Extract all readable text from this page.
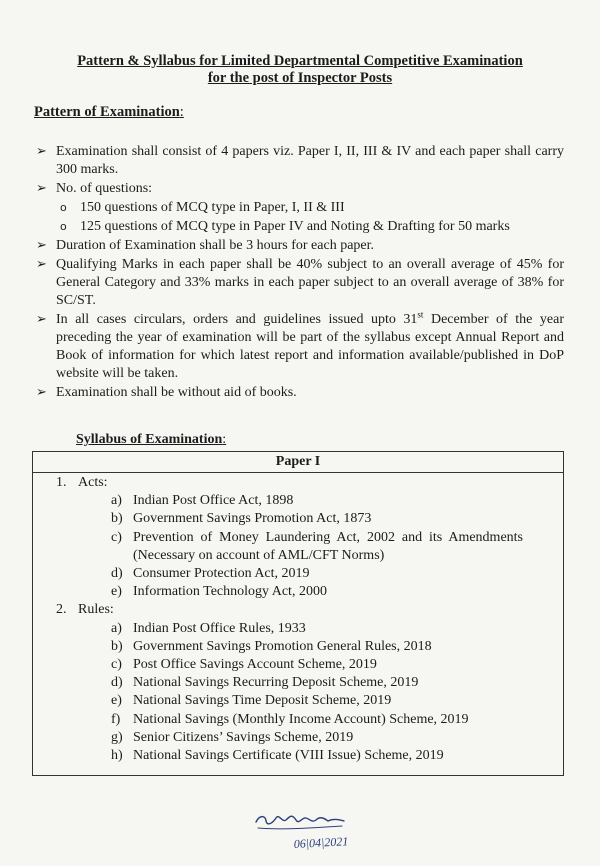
Pattern & Syllabus for Limited Departmental Competitive Examination
for the post of Inspector Posts
Pattern of Examination:
➢ Examination shall consist of 4 papers viz. Paper I, II, III & IV and each paper shall carry 300 marks.
➢ No. of questions:
o 150 questions of MCQ type in Paper, I, II & III
o 125 questions of MCQ type in Paper IV and Noting & Drafting for 50 marks
➢ Duration of Examination shall be 3 hours for each paper.
➢ Qualifying Marks in each paper shall be 40% subject to an overall average of 45% for General Category and 33% marks in each paper subject to an overall average of 38% for SC/ST.
➢ In all cases circulars, orders and guidelines issued upto 31st December of the year preceding the year of examination will be part of the syllabus except Annual Report and Book of information for which latest report and information available/published in DoP website will be taken.
➢ Examination shall be without aid of books.
Syllabus of Examination:
Paper I
1. Acts:
a) Indian Post Office Act, 1898
b) Government Savings Promotion Act, 1873
c) Prevention of Money Laundering Act, 2002 and its Amendments (Necessary on account of AML/CFT Norms)
d) Consumer Protection Act, 2019
e) Information Technology Act, 2000
2. Rules:
a) Indian Post Office Rules, 1933
b) Government Savings Promotion General Rules, 2018
c) Post Office Savings Account Scheme, 2019
d) National Savings Recurring Deposit Scheme, 2019
e) National Savings Time Deposit Scheme, 2019
f) National Savings (Monthly Income Account) Scheme, 2019
g) Senior Citizens’ Savings Scheme, 2019
h) National Savings Certificate (VIII Issue) Scheme, 2019
06|04|2021
